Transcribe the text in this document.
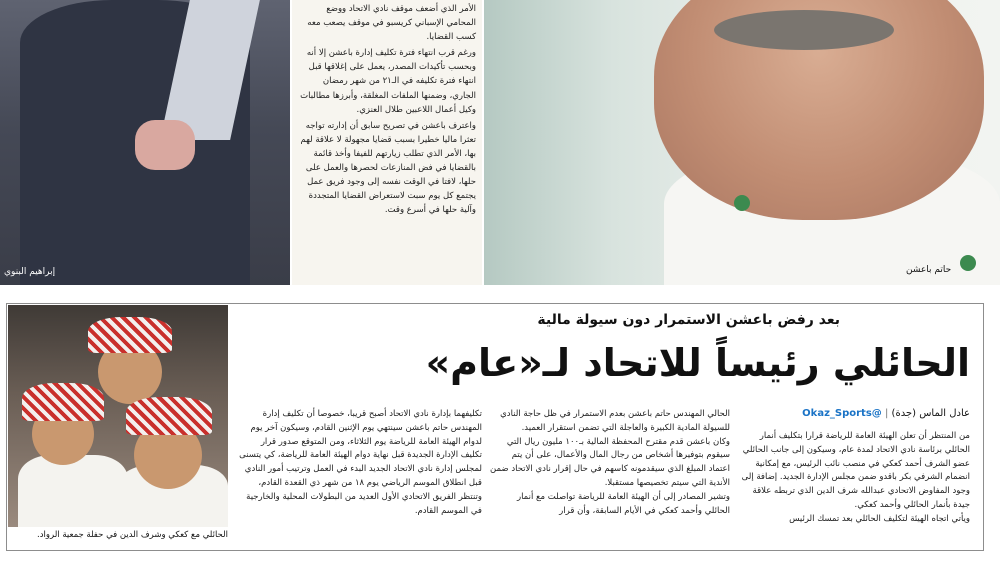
إبراهيم البنوي

الأمر الذي أضعف موقف نادي الاتحاد ووضع المحامي الإسباني كريسبو في موقف يصعب معه كسب القضايا.

ورغم قرب انتهاء فترة تكليف إدارة باعشن إلا أنه وبحسب تأكيدات المصدر، يعمل على إغلاقها قبل انتهاء فترة تكليفه في الـ٢١ من شهر رمضان الجاري، وضمنها الملفات المغلقة، وأبرزها مطالبات وكيل أعمال اللاعبين طلال العنزي.

واعترف باعشن في تصريح سابق أن إدارته تواجه تعثرا ماليا خطيرا بسبب قضايا مجهولة لا علاقة لهم بها، الأمر الذي تطلب زيارتهم للفيفا وأخذ قائمة بالقضايا في فض المنازعات لحصرها والعمل على حلها، لافتا في الوقت نفسه إلى وجود فريق عمل يجتمع كل يوم سبت لاستعراض القضايا المتجددة وآلية حلها في أسرع وقت.

حاتم باعشن
الحائلي مع كعكي وشرف الدين في حفلة جمعية الرواد.
بعد رفض باعشن الاستمرار دون سيولة مالية
الحائلي رئيساً للاتحاد لـ«عام»
عادل الماس (جدة) | @Okaz_Sports

من المنتظر أن تعلن الهيئة العامة للرياضة قرارا بتكليف أنمار الحائلي برئاسة نادي الاتحاد لمدة عام، وسيكون إلى جانب الحائلي عضو الشرف أحمد كعكي في منصب نائب الرئيس، مع إمكانية انضمام الشرفي بكر باقدو ضمن مجلس الإدارة الجديد. إضافة إلى وجود المفاوض الاتحادي عبدالله شرف الدين الذي تربطه علاقة جيدة بأنمار الحائلي وأحمد كعكي.

ويأتي اتجاه الهيئة لتكليف الحائلي بعد تمسك الرئيس

الحالي المهندس حاتم باعشن بعدم الاستمرار في ظل حاجة النادي للسيولة المادية الكبيرة والعاجلة التي تضمن استقرار العميد.

وكان باعشن قدم مقترح المحفظة المالية بـ١٠٠ مليون ريال التي سيقوم بتوفيرها أشخاص من رجال المال والأعمال، على أن يتم اعتماد المبلغ الذي سيقدمونه كاسهم في حال إقرار نادي الاتحاد ضمن الأندية التي سيتم تخصيصها مستقبلا.

وتشير المصادر إلى أن الهيئة العامة للرياضة تواصلت مع أنمار الحائلي وأحمد كعكي في الأيام السابقة، وأن قرار

تكليفهما بإدارة نادي الاتحاد أصبح قريبا، خصوصا أن تكليف إدارة المهندس حاتم باعشن سينتهي يوم الإثنين القادم، وسيكون آخر يوم لدوام الهيئة العامة للرياضة يوم الثلاثاء، ومن المتوقع صدور قرار تكليف الإدارة الجديدة قبل نهاية دوام الهيئة العامة للرياضة، كي يتسنى لمجلس إدارة نادي الاتحاد الجديد البدء في العمل وترتيب أمور النادي قبل انطلاق الموسم الرياضي يوم ١٨ من شهر ذي القعدة القادم، وتنتظر الفريق الاتحادي الأول العديد من البطولات المحلية والخارجية في الموسم القادم.
